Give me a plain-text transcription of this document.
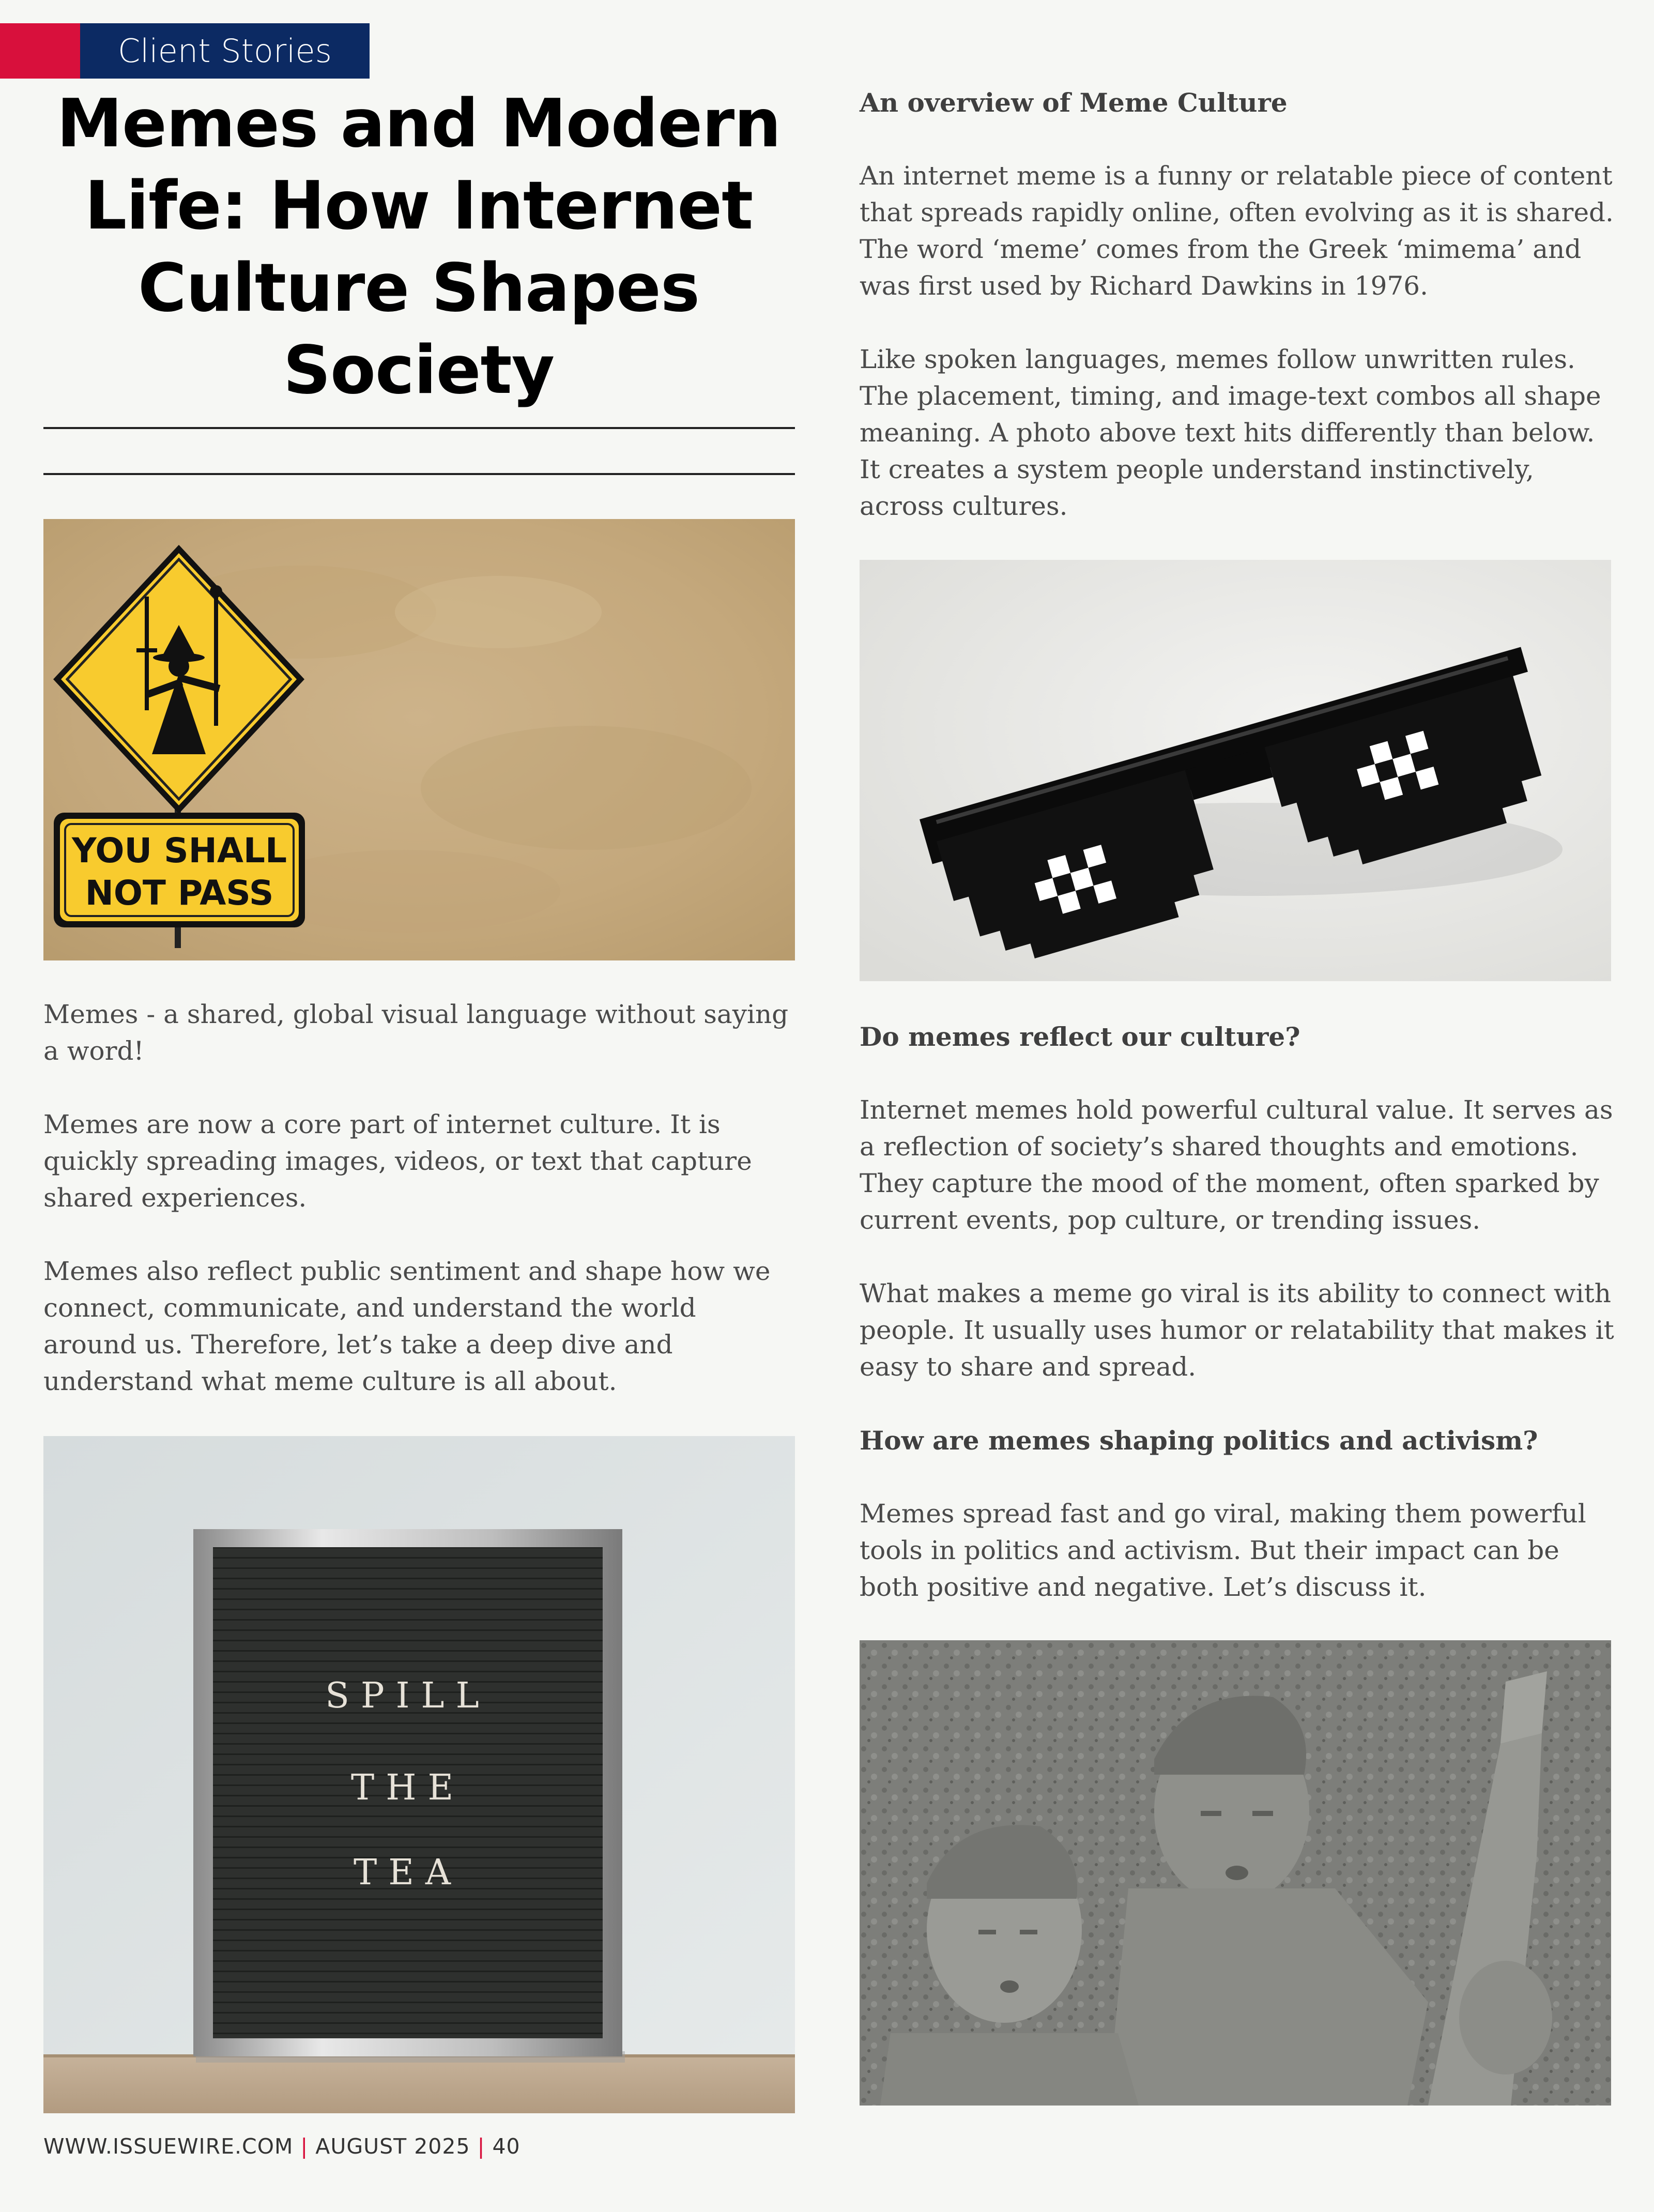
Client Stories
Memes and Modern Life: How Internet Culture Shapes Society
YOU SHALL
NOT PASS

Memes - a shared, global visual language without saying a word!

Memes are now a core part of internet culture. It is quickly spreading images, videos, or text that capture shared experiences.

Memes also reflect public sentiment and shape how we connect, communicate, and understand the world around us. Therefore, let’s take a deep dive and understand what meme culture is all about.

SPILL
THE
TEA

An overview of Meme Culture

An internet meme is a funny or relatable piece of content that spreads rapidly online, often evolving as it is shared. The word ‘meme’ comes from the Greek ‘mimema’ and was first used by Richard Dawkins in 1976.

Like spoken languages, memes follow unwritten rules. The placement, timing, and image-text combos all shape meaning. A photo above text hits differently than below. It creates a system people understand instinctively, across cultures.

Do memes reflect our culture?

Internet memes hold powerful cultural value. It serves as a reflection of society’s shared thoughts and emotions. They capture the mood of the moment, often sparked by current events, pop culture, or trending issues.

What makes a meme go viral is its ability to connect with people. It usually uses humor or relatability that makes it easy to share and spread.

How are memes shaping politics and activism?

Memes spread fast and go viral, making them powerful tools in politics and activism. But their impact can be both positive and negative. Let’s discuss it.

WWW.ISSUEWIRE.COM | AUGUST 2025 | 40
